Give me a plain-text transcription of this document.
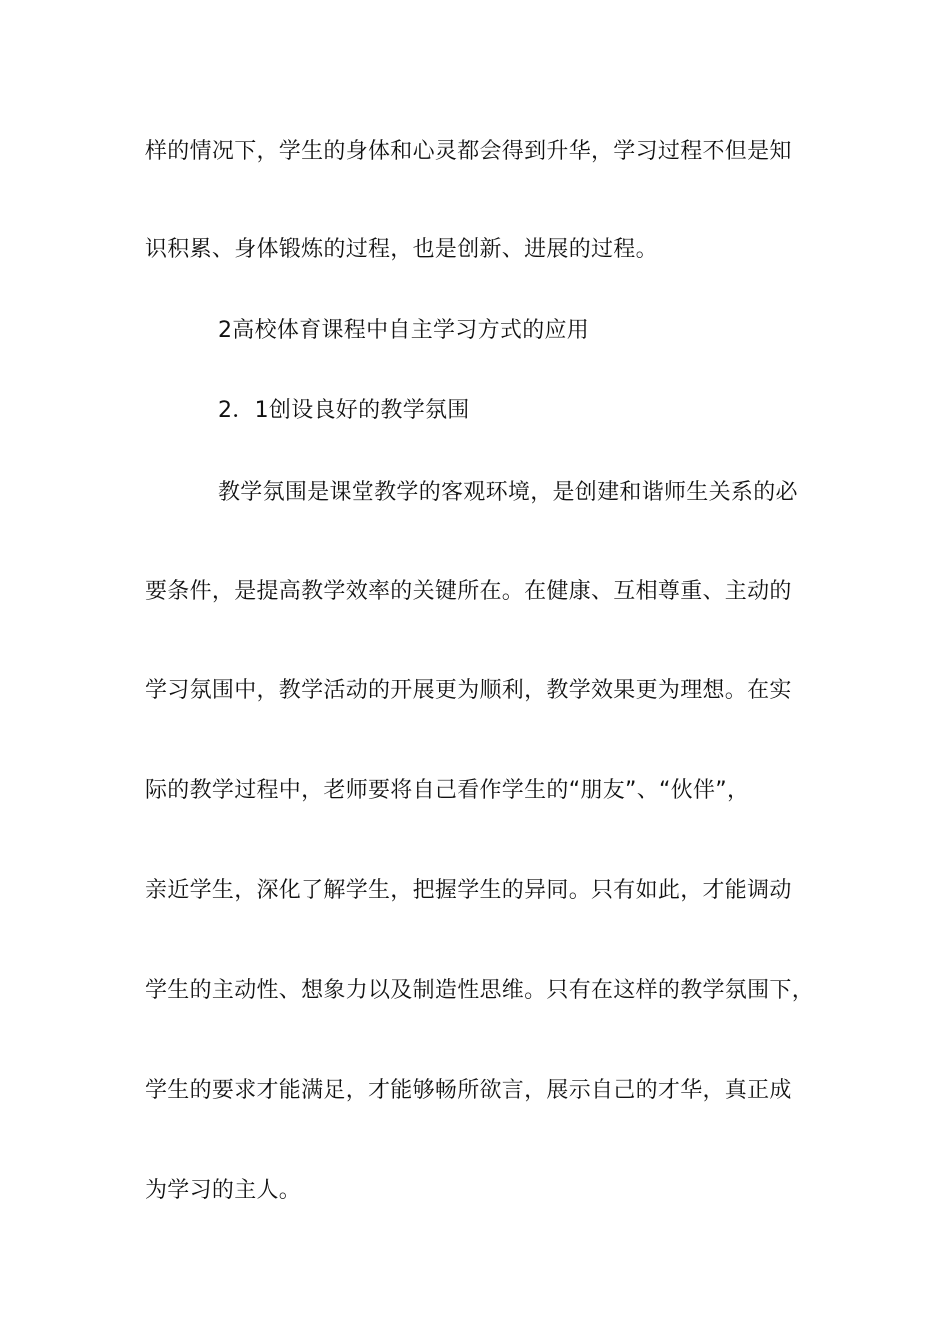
样的情况下，学生的身体和心灵都会得到升华，学习过程不但是知
识积累、身体锻炼的过程，也是创新、进展的过程。
2高校体育课程中自主学习方式的应用
2．1创设良好的教学氛围
教学氛围是课堂教学的客观环境，是创建和谐师生关系的必
要条件，是提高教学效率的关键所在。在健康、互相尊重、主动的
学习氛围中，教学活动的开展更为顺利，教学效果更为理想。在实
际的教学过程中，老师要将自己看作学生的“朋友”、“伙伴”，
亲近学生，深化了解学生，把握学生的异同。只有如此，才能调动
学生的主动性、想象力以及制造性思维。只有在这样的教学氛围下，
学生的要求才能满足，才能够畅所欲言，展示自己的才华，真正成
为学习的主人。
